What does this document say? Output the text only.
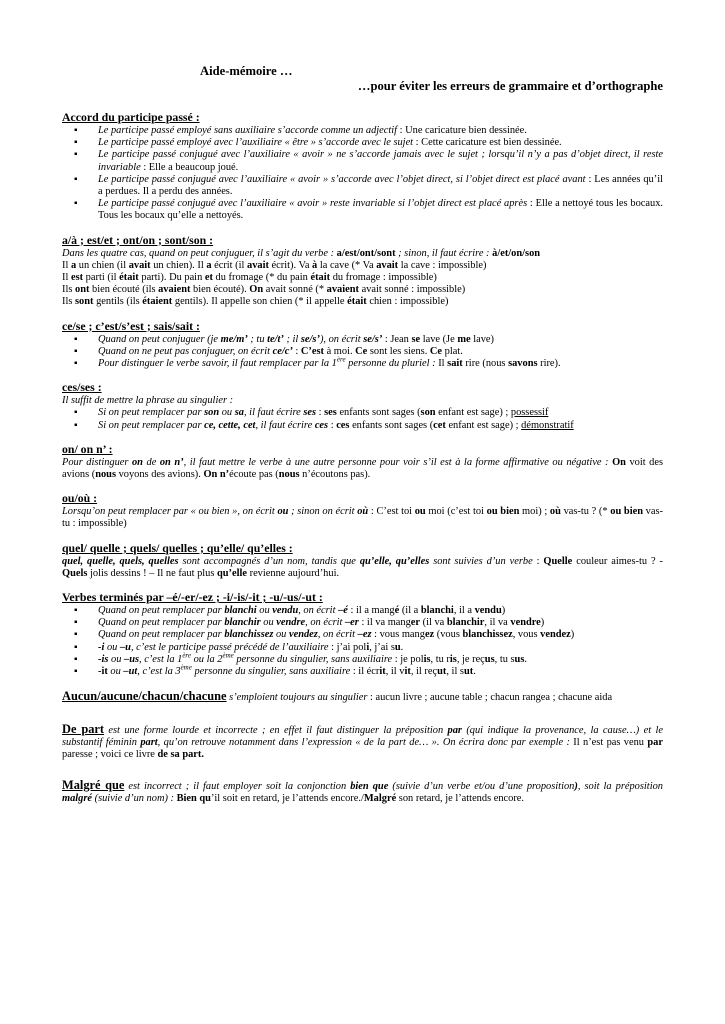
Aide-mémoire …
…pour éviter les erreurs de grammaire et d’orthographe
Accord du participe passé :
▪ Le participe passé employé sans auxiliaire s’accorde comme un adjectif : Une caricature bien dessinée.
▪ Le participe passé employé avec l’auxiliaire « être » s’accorde avec le sujet : Cette caricature est bien dessinée.
▪ Le participe passé conjugué avec l’auxiliaire « avoir » ne s’accorde jamais avec le sujet ; lorsqu’il n’y a pas d’objet direct, il reste invariable : Elle a beaucoup joué.
▪ Le participe passé conjugué avec l’auxiliaire « avoir » s’accorde avec l’objet direct, si l’objet direct est placé avant : Les années qu’il a perdues. Il a perdu des années.
▪ Le participe passé conjugué avec l’auxiliaire « avoir » reste invariable si l’objet direct est placé après : Elle a nettoyé tous les bocaux. Tous les bocaux qu’elle a nettoyés.
a/à ; est/et ; ont/on ; sont/son :
Dans les quatre cas, quand on peut conjuguer, il s’agit du verbe : a/est/ont/sont ; sinon, il faut écrire : à/et/on/son
Il a un chien (il avait un chien). Il a écrit (il avait écrit). Va à la cave (* Va avait la cave : impossible)
Il est parti (il était parti). Du pain et du fromage (* du pain était du fromage : impossible)
Ils ont bien écouté (ils avaient bien écouté). On avait sonné (* avaient avait sonné : impossible)
Ils sont gentils (ils étaient gentils). Il appelle son chien (* il appelle était chien : impossible)
ce/se ; c’est/s’est ; sais/sait :
▪ Quand on peut conjuguer (je me/m’ ; tu te/t’ ; il se/s’), on écrit se/s’ : Jean se lave (Je me lave)
▪ Quand on ne peut pas conjuguer, on écrit ce/c’ : C’est à moi. Ce sont les siens. Ce plat.
▪ Pour distinguer le verbe savoir, il faut remplacer par la 1ère personne du pluriel : Il sait rire (nous savons rire).
ces/ses :
Il suffit de mettre la phrase au singulier :
▪ Si on peut remplacer par son ou sa, il faut écrire ses : ses enfants sont sages (son enfant est sage) ; possessif
▪ Si on peut remplacer par ce, cette, cet, il faut écrire ces : ces enfants sont sages (cet enfant est sage) ; démonstratif
on/ on n’ :
Pour distinguer on de on n’, il faut mettre le verbe à une autre personne pour voir s’il est à la forme affirmative ou négative : On voit des avions (nous voyons des avions). On n’écoute pas (nous n’écoutons pas).
ou/où :
Lorsqu’on peut remplacer par « ou bien », on écrit ou ; sinon on écrit où : C’est toi ou moi (c’est toi ou bien moi) ; où vas-tu ? (* ou bien vas-tu : impossible)
quel/ quelle ; quels/ quelles ; qu’elle/ qu’elles :
quel, quelle, quels, quelles sont accompagnés d’un nom, tandis que qu’elle, qu’elles sont suivies d’un verbe : Quelle couleur aimes-tu ? - Quels jolis dessins ! – Il ne faut plus qu’elle revienne aujourd’hui.
Verbes terminés par –é/-er/-ez ; -i/-is/-it ; -u/-us/-ut :
▪ Quand on peut remplacer par blanchi ou vendu, on écrit –é : il a mangé (il a blanchi, il a vendu)
▪ Quand on peut remplacer par blanchir ou vendre, on écrit –er : il va manger (il va blanchir, il va vendre)
▪ Quand on peut remplacer par blanchissez ou vendez, on écrit –ez : vous mangez (vous blanchissez, vous vendez)
▪ -i ou –u, c’est le participe passé précédé de l’auxiliaire : j’ai poli, j’ai su.
▪ -is ou –us, c’est la 1ère ou la 2ème personne du singulier, sans auxiliaire : je polis, tu ris, je reçus, tu sus.
▪ -it ou –ut, c’est la 3ème personne du singulier, sans auxiliaire : il écrit, il vit, il reçut, il sut.

Aucun/aucune/chacun/chacune s’emploient toujours au singulier : aucun livre ; aucune table ; chacun rangea ; chacune aida

De part est une forme lourde et incorrecte ; en effet il faut distinguer la préposition par (qui indique la provenance, la cause…) et le substantif féminin part, qu’on retrouve notamment dans l’expression « de la part de… ». On écrira donc par exemple : Il n’est pas venu par paresse ; voici ce livre de sa part.

Malgré que est incorrect ; il faut employer soit la conjonction bien que (suivie d’un verbe et/ou d’une proposition), soit la préposition malgré (suivie d’un nom) : Bien qu’il soit en retard, je l’attends encore./Malgré son retard, je l’attends encore.
